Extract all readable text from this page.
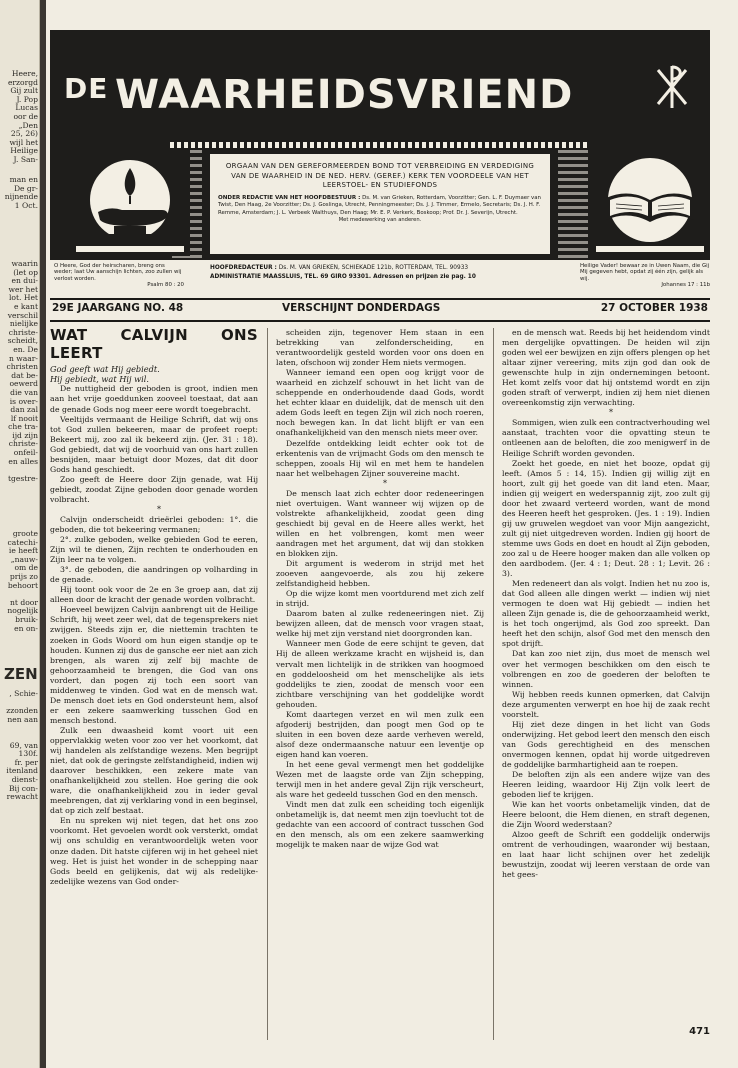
Heere,
erzorgd
Gij zult
J. Pop
Lucas
oor de
„Den
25, 26)
wijl het
Heilige
J. San-
man en
De gr-
nijnende
1 Oct.
waarin
(let op
en dui-
wer het
lot. Het
e kant
verschil
nielijke
christe-
scheidt,
en. De
n waar-
christen
dat be-
oewerd
die van
is over-
dan zal
lf nooit
che tra-
ijd zijn
christe-
onfeil-
en alles

tgestre-
groote
catechi-
ie heeft
„nauw-
om de
prijs zo
behoort

nt door
nogelijk
bruik-
en on-
ZEN
, Schie-

zzonden
nen aan

69, van
130f.
fr. per
itenland
dienst-
Bij con-
rewacht
DE WAARHEIDSVRIEND
ORGAAN VAN DEN GEREFORMEERDEN BOND TOT VERBREIDING EN VERDEDIGING VAN DE WAARHEID IN DE NED. HERV. (GEREF.) KERK TEN VOORDEELE VAN HET LEERSTOEL- EN STUDIEFONDS
ONDER REDACTIE VAN HET HOOFDBESTUUR : Ds. M. van Grieken, Rotterdam, Voorzitter; Gen. L. F. Duymaer van Twist, Den Haag, 2e Voorzitter; Ds. J. Goslinga, Utrecht, Penningmeester; Ds. J. J. Timmer, Ermelo, Secretaris; Ds. J. H. F. Remme, Amsterdam; J. L. Verbeek Walthuys, Den Haag; Mr. E. P. Verkerk, Boskoop; Prof. Dr. J. Severijn, Utrecht.
Met medewerking van anderen.
O Heere, God der heirscharen, breng ons weder; laat Uw aanschijn lichten, zoo zullen wij verlost worden.
Psalm 80 : 20
HOOFDREDACTEUR : Ds. M. VAN GRIEKEN, SCHIEKADE 121b, ROTTERDAM, TEL. 90933
ADMINISTRATIE MAASSLUIS, TEL. 69 GIRO 93301. Adressen en prijzen zie pag. 10
Heilige Vader! bewaar ze in Uwen Naam, die Gij Mij gegeven hebt, opdat zij één zijn, gelijk als wij.
Johannes 17 : 11b
29E JAARGANG NO. 48	VERSCHIJNT DONDERDAGS	27 OCTOBER 1938
WAT CALVIJN ONS LEERT
God geeft wat Hij gebiedt.
Hij gebiedt, wat Hij wil.

De nuttigheid der geboden is groot, indien men aan het vrije goeddunken zooveel toestaat, dat aan de genade Gods nog meer eere wordt toegebracht.

Veeltijds vermaant de Heilige Schrift, dat wij ons tot God zullen bekeeren, maar de profeet roept: Bekeert mij, zoo zal ik bekeerd zijn. (Jer. 31 : 18). God gebiedt, dat wij de voorhuid van ons hart zullen besnijden, maar betuigt door Mozes, dat dit door Gods hand geschiedt.

Zoo geeft de Heere door Zijn genade, wat Hij gebiedt, zoodat Zijne geboden door genade worden volbracht.

*

Calvijn onderscheidt drieërlei geboden: 1°. die geboden, die tot bekeering vermanen;

2°. zulke geboden, welke gebieden God te eeren, Zijn wil te dienen, Zijn rechten te onderhouden en Zijn leer na te volgen.

3°. de geboden, die aandringen op volharding in de genade.

Hij toont ook voor de 2e en 3e groep aan, dat zij alleen door de kracht der genade worden volbracht.

Hoeveel bewijzen Calvijn aanbrengt uit de Heilige Schrift, hij weet zeer wel, dat de tegensprekers niet zwijgen. Steeds zijn er, die niettemin trachten te zoeken in Gods Woord om hun eigen standje op te houden. Kunnen zij dus de gansche eer niet aan zich brengen, als waren zij zelf bij machte de gehoorzaamheid te brengen, die God van ons vordert, dan pogen zij toch een soort van middenweg te vinden. God wat en de mensch wat. De mensch doet iets en God ondersteunt hem, alsof er een zekere saamwerking tusschen God en mensch bestond.

Zulk een dwaasheid komt voort uit een oppervlakkig weten voor zoo ver het voorkomt, dat wij handelen als zelfstandige wezens. Men begrijpt niet, dat ook de geringste zelfstandigheid, indien wij daarover beschikken, een zekere mate van onafhankelijkheid zou stellen. Hoe gering die ook ware, die onafhankelijkheid zou in ieder geval meebrengen, dat zij verklaring vond in een beginsel, dat op zich zelf bestaat.

En nu spreken wij niet tegen, dat het ons zoo voorkomt. Het gevoelen wordt ook versterkt, omdat wij ons schuldig en verantwoordelijk weten voor onze daden. Dit hatste cijferen wij in het geheel niet weg. Het is juist het wonder in de schepping naar Gods beeld en gelijkenis, dat wij als redelijke-zedelijke wezens van God onder-

scheiden zijn, tegenover Hem staan in een betrekking van zelfonderscheiding, en verantwoordelijk gesteld worden voor ons doen en laten, ofschoon wij zonder Hem niets vermogen.

Wanneer iemand een open oog krijgt voor de waarheid en zichzelf schouwt in het licht van de scheppende en onderhoudende daad Gods, wordt het echter klaar en duidelijk, dat de mensch uit den adem Gods leeft en tegen Zijn wil zich noch roeren, noch bewegen kan. In dat licht blijft er van een onafhankelijkheid van den mensch niets meer over.

Dezelfde ontdekking leidt echter ook tot de erkentenis van de vrijmacht Gods om den mensch te scheppen, zooals Hij wil en met hem te handelen naar het welbehagen Zijner souvereine macht.

*

De mensch laat zich echter door redeneeringen niet overtuigen. Want wanneer wij wijzen op de volstrekte afhankelijkheid, zoodat geen ding geschiedt bij geval en de Heere alles werkt, het willen en het volbrengen, komt men weer aandragen met het argument, dat wij dan stokken en blokken zijn.

Dit argument is wederom in strijd met het zooeven aangevoerde, als zou hij zekere zelfstandigheid hebben.

Op die wijze komt men voortdurend met zich zelf in strijd.

Daarom baten al zulke redeneeringen niet. Zij bewijzen alleen, dat de mensch voor vragen staat, welke hij met zijn verstand niet doorgronden kan.

Wanneer men Gode de eere schijnt te geven, dat Hij de alleen werkzame kracht en wijsheid is, dan vervalt men lichtelijk in de strikken van hoogmoed en goddeloosheid om het menschelijke als iets goddelijks te zien, zoodat de mensch voor een zichtbare verschijning van het goddelijke wordt gehouden.

Komt daartegen verzet en wil men zulk een afgoderij bestrijden, dan poogt men God op te sluiten in een boven deze aarde verheven wereld, alsof deze ondermaansche natuur een leventje op eigen hand kan voeren.

In het eene geval vermengt men het goddelijke Wezen met de laagste orde van Zijn schepping, terwijl men in het andere geval Zijn rijk verscheurt, als ware het gedeeld tusschen God en den mensch.

Vindt men dat zulk een scheiding toch eigenlijk onbetamelijk is, dat neemt men zijn toevlucht tot de gedachte van een accoord of contract tusschen God en den mensch, als om een zekere saamwerking mogelijk te maken naar de wijze God wat

en de mensch wat. Reeds bij het heidendom vindt men dergelijke opvattingen. De heiden wil zijn goden wel eer bewijzen en zijn offers plengen op het altaar zijner vereering, mits zijn god dan ook de gewenschte hulp in zijn ondernemingen betoont. Het komt zelfs voor dat hij ontstemd wordt en zijn goden straft of verwerpt, indien zij hem niet dienen overeenkomstig zijn verwachting.

*

Sommigen, wien zulk een contractverhouding wel aanstaat, trachten voor die opvatting steun te ontleenen aan de beloften, die zoo menigwerf in de Heilige Schrift worden gevonden.

Zoekt het goede, en niet het booze, opdat gij leeft. (Amos 5 : 14, 15). Indien gij willig zijt en hoort, zult gij het goede van dit land eten. Maar, indien gij weigert en wederspannig zijt, zoo zult gij door het zwaard verteerd worden, want de mond des Heeren heeft het gesproken. (Jes. 1 : 19). Indien gij uw gruwelen wegdoet van voor Mijn aangezicht, zult gij niet uitgedreven worden. Indien gij hoort de stemme uws Gods en doet en houdt al Zijn geboden, zoo zal u de Heere hooger maken dan alle volken op den aardbodem. (Jer. 4 : 1; Deut. 28 : 1; Levit. 26 : 3).

Men redeneert dan als volgt. Indien het nu zoo is, dat God alleen alle dingen werkt — indien wij niet vermogen te doen wat Hij gebiedt — indien het alleen Zijn genade is, die de gehoorzaamheid werkt, is het toch ongerijmd, als God zoo spreekt. Dan heeft het den schijn, alsof God met den mensch den spot drijft.

Dat kan zoo niet zijn, dus moet de mensch wel over het vermogen beschikken om den eisch te volbrengen en zoo de goederen der beloften te winnen.

Wij hebben reeds kunnen opmerken, dat Calvijn deze argumenten verwerpt en hoe hij de zaak recht voorstelt.

Hij ziet deze dingen in het licht van Gods onderwijzing. Het gebod leert den mensch den eisch van Gods gerechtigheid en des menschen onvermogen kennen, opdat hij worde uitgedreven de goddelijke barmhartigheid aan te roepen.

De beloften zijn als een andere wijze van des Heeren leiding, waardoor Hij Zijn volk leert de geboden lief te krijgen.

Wie kan het voorts onbetamelijk vinden, dat de Heere beloont, die Hem dienen, en straft degenen, die Zijn Woord wederstaan?

Alzoo geeft de Schrift een goddelijk onderwijs omtrent de verhoudingen, waaronder wij bestaan, en laat haar licht schijnen over het zedelijk bewustzijn, zoodat wij leeren verstaan de orde van het gees-

471
